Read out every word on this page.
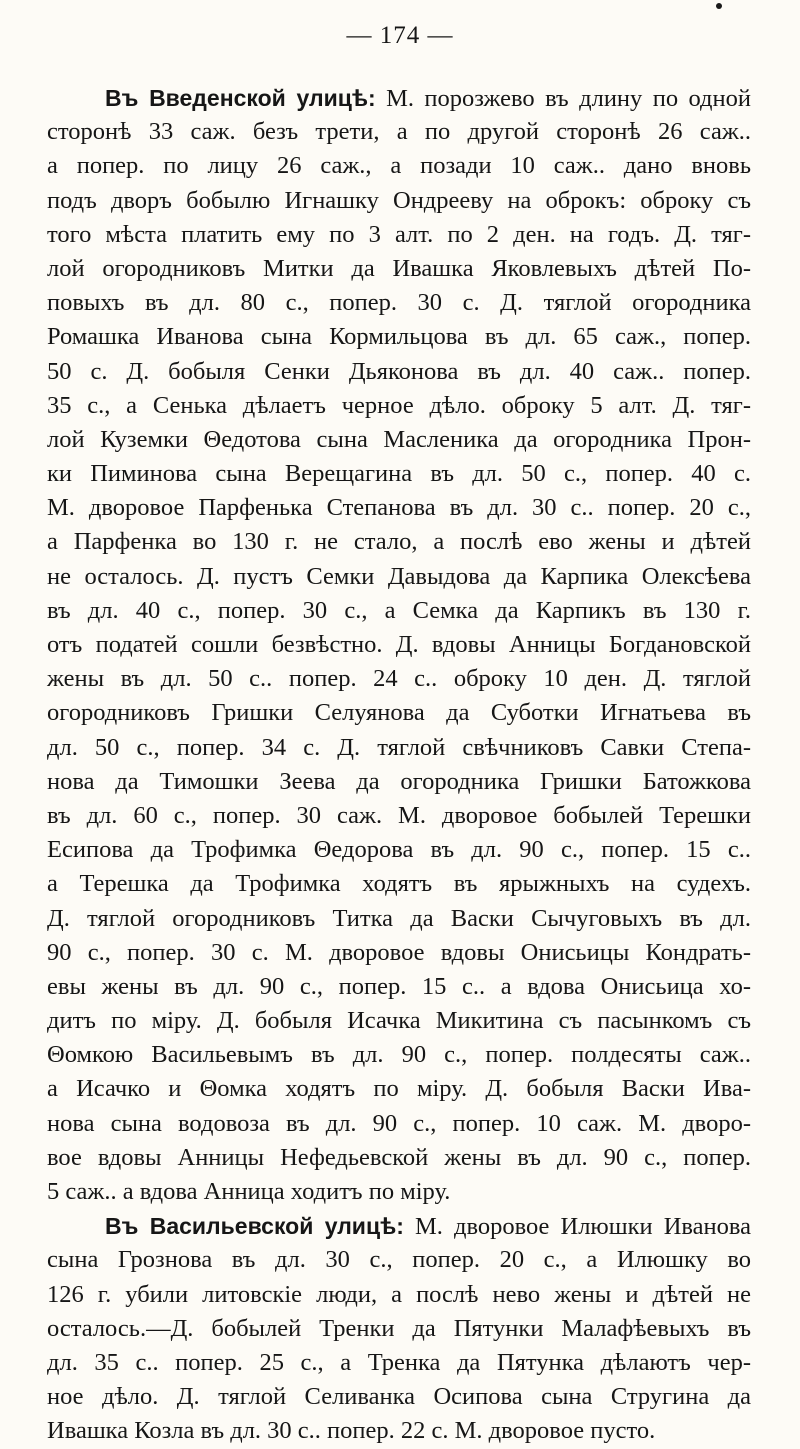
— 174 —
Въ Введенской улицѣ: М. порозжево въ длину по одной
сторонѣ 33 саж. безъ трети, а по другой сторонѣ 26 саж..
а попер. по лицу 26 саж., а позади 10 саж.. дано вновь
подъ дворъ бобылю Игнашку Ондрееву на оброкъ: оброку съ
того мѣста платить ему по 3 алт. по 2 ден. на годъ. Д. тяг-
лой огородниковъ Митки да Ивашка Яковлевыхъ дѣтей По-
повыхъ въ дл. 80 с., попер. 30 с. Д. тяглой огородника
Ромашка Иванова сына Кормильцова въ дл. 65 саж., попер.
50 с. Д. бобыля Сенки Дьяконова въ дл. 40 саж.. попер.
35 с., а Сенька дѣлаетъ черное дѣло. оброку 5 алт. Д. тяг-
лой Куземки Θедотова сына Масленика да огородника Прон-
ки Пиминова сына Верещагина въ дл. 50 с., попер. 40 с.
М. дворовое Парфенька Степанова въ дл. 30 с.. попер. 20 с.,
а Парфенка во 130 г. не стало, а послѣ ево жены и дѣтей
не осталось. Д. пустъ Семки Давыдова да Карпика Олексѣева
въ дл. 40 с., попер. 30 с., а Семка да Карпикъ въ 130 г.
отъ податей сошли безвѣстно. Д. вдовы Анницы Богдановской
жены въ дл. 50 с.. попер. 24 с.. оброку 10 ден. Д. тяглой
огородниковъ Гришки Селуянова да Суботки Игнатьева въ
дл. 50 с., попер. 34 с. Д. тяглой свѣчниковъ Савки Степа-
нова да Тимошки Зеева да огородника Гришки Батожкова
въ дл. 60 с., попер. 30 саж. М. дворовое бобылей Терешки
Есипова да Трофимка Θедорова въ дл. 90 с., попер. 15 с..
а Терешка да Трофимка ходятъ въ ярыжныхъ на судехъ.
Д. тяглой огородниковъ Титка да Васки Сычуговыхъ въ дл.
90 с., попер. 30 с. М. дворовое вдовы Онисьицы Кондрать-
евы жены въ дл. 90 с., попер. 15 с.. а вдова Онисьица хо-
дитъ по міру. Д. бобыля Исачка Микитина съ пасынкомъ съ
Θомкою Васильевымъ въ дл. 90 с., попер. полдесяты саж..
а Исачко и Θомка ходятъ по міру. Д. бобыля Васки Ива-
нова сына водовоза въ дл. 90 с., попер. 10 саж. М. дворо-
вое вдовы Анницы Нефедьевской жены въ дл. 90 с., попер.
5 саж.. а вдова Анница ходитъ по міру.
Въ Васильевской улицѣ: М. дворовое Илюшки Иванова
сына Грознова въ дл. 30 с., попер. 20 с., а Илюшку во
126 г. убили литовскіе люди, а послѣ нево жены и дѣтей не
осталось.—Д. бобылей Тренки да Пятунки Малафѣевыхъ въ
дл. 35 с.. попер. 25 с., а Тренка да Пятунка дѣлаютъ чер-
ное дѣло. Д. тяглой Селиванка Осипова сына Стругина да
Ивашка Козла въ дл. 30 с.. попер. 22 с. М. дворовое пусто.
